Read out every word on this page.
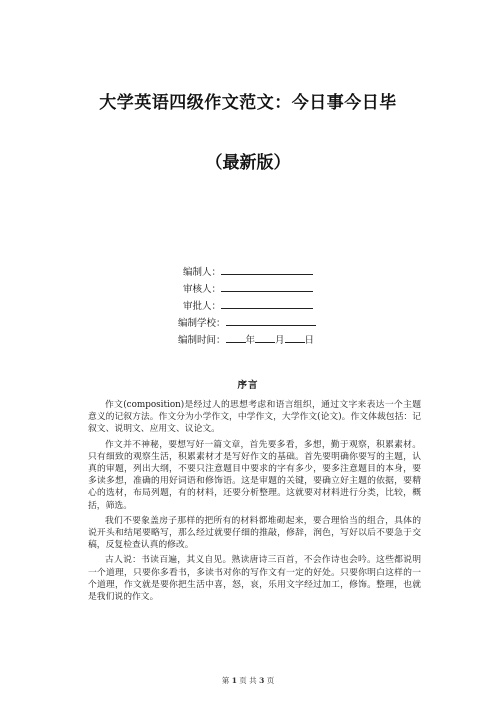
大学英语四级作文范文：今日事今日毕
（最新版）
编制人：
审核人：
审批人：
编制学校：
编制时间： 年 月 日
序言

作文(composition)是经过人的思想考虑和语言组织，通过文字来表达一个主题意义的记叙方法。作文分为小学作文，中学作文，大学作文(论文)。作文体裁包括：记叙文、说明文、应用文、议论文。

作文并不神秘，要想写好一篇文章，首先要多看，多想，勤于观察，积累素材。只有细致的观察生活，积累素材才是写好作文的基础。首先要明确你要写的主题，认真的审题，列出大纲，不要只注意题目中要求的字有多少，要多注意题目的本身，要多读多想，准确的用好词语和修饰语。这是审题的关键，要确立好主题的依据，要精心的选材，布局列题，有的材料，还要分析整理。这就要对材料进行分类，比较，概括，筛选。

我们不要象盖房子那样的把所有的材料都堆砌起来，要合理恰当的组合，具体的说开头和结尾要略写，那么经过就要仔细的推敲，修辞，润色，写好以后不要急于交稿，反复检查认真的修改。

古人说：书读百遍，其义自见。熟读唐诗三百首，不会作诗也会吟。这些都说明一个道理，只要你多看书，多读书对你的写作文有一定的好处。只要你明白这样的一个道理，作文就是要你把生活中喜，怒，哀，乐用文字经过加工，修饰。整理，也就是我们说的作文。

第 1 页 共 3 页
